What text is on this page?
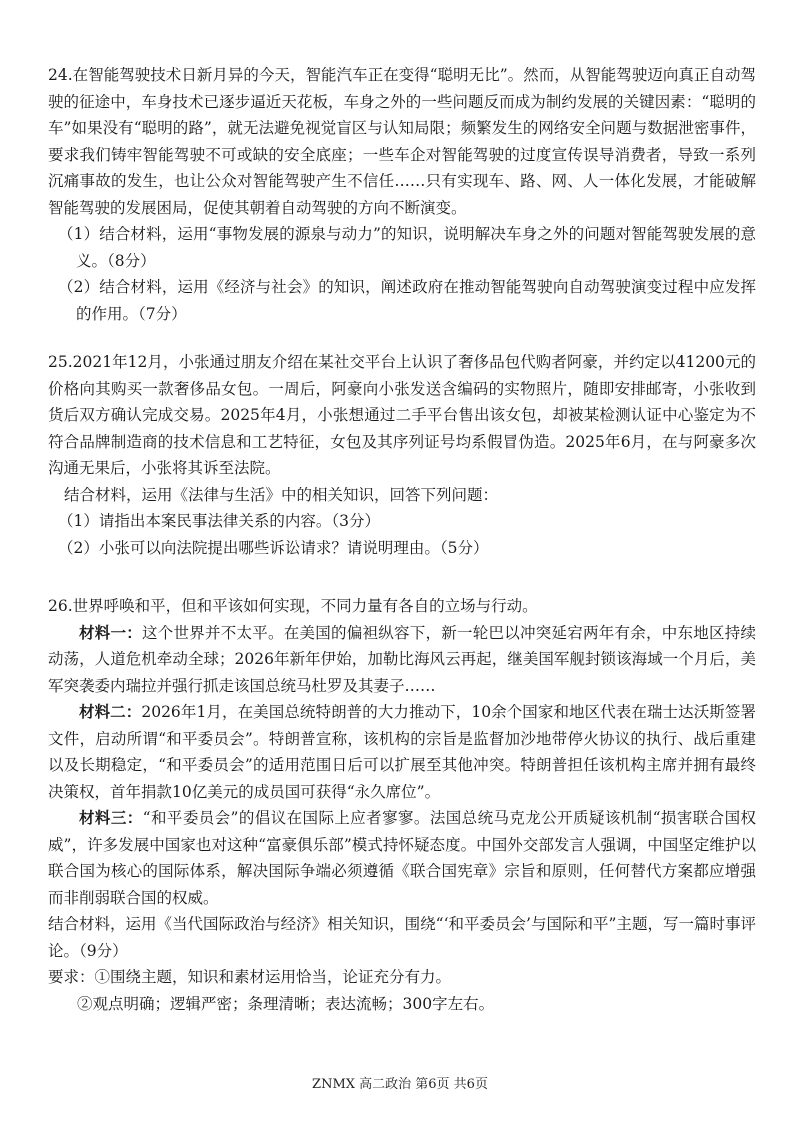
24.在智能驾驶技术日新月异的今天，智能汽车正在变得“聪明无比”。然而，从智能驾驶迈向真正自动驾驶的征途中，车身技术已逐步逼近天花板，车身之外的一些问题反而成为制约发展的关键因素：“聪明的车”如果没有“聪明的路”，就无法避免视觉盲区与认知局限；频繁发生的网络安全问题与数据泄密事件，要求我们铸牢智能驾驶不可或缺的安全底座；一些车企对智能驾驶的过度宣传误导消费者，导致一系列沉痛事故的发生，也让公众对智能驾驶产生不信任……只有实现车、路、网、人一体化发展，才能破解智能驾驶的发展困局，促使其朝着自动驾驶的方向不断演变。

（1）结合材料，运用“事物发展的源泉与动力”的知识，说明解决车身之外的问题对智能驾驶发展的意义。（8分）

（2）结合材料，运用《经济与社会》的知识，阐述政府在推动智能驾驶向自动驾驶演变过程中应发挥的作用。（7分）

25.2021年12月，小张通过朋友介绍在某社交平台上认识了奢侈品包代购者阿豪，并约定以41200元的价格向其购买一款奢侈品女包。一周后，阿豪向小张发送含编码的实物照片，随即安排邮寄，小张收到货后双方确认完成交易。2025年4月，小张想通过二手平台售出该女包，却被某检测认证中心鉴定为不符合品牌制造商的技术信息和工艺特征，女包及其序列证号均系假冒伪造。2025年6月，在与阿豪多次沟通无果后，小张将其诉至法院。

结合材料，运用《法律与生活》中的相关知识，回答下列问题：

（1）请指出本案民事法律关系的内容。（3分）

（2）小张可以向法院提出哪些诉讼请求？请说明理由。（5分）

26.世界呼唤和平，但和平该如何实现，不同力量有各自的立场与行动。

材料一：这个世界并不太平。在美国的偏袒纵容下，新一轮巴以冲突延宕两年有余，中东地区持续动荡，人道危机牵动全球；2026年新年伊始，加勒比海风云再起，继美国军舰封锁该海域一个月后，美军突袭委内瑞拉并强行抓走该国总统马杜罗及其妻子……

材料二：2026年1月，在美国总统特朗普的大力推动下，10余个国家和地区代表在瑞士达沃斯签署文件，启动所谓“和平委员会”。特朗普宣称，该机构的宗旨是监督加沙地带停火协议的执行、战后重建以及长期稳定，“和平委员会”的适用范围日后可以扩展至其他冲突。特朗普担任该机构主席并拥有最终决策权，首年捐款10亿美元的成员国可获得“永久席位”。

材料三：“和平委员会”的倡议在国际上应者寥寥。法国总统马克龙公开质疑该机制“损害联合国权威”，许多发展中国家也对这种“富豪俱乐部”模式持怀疑态度。中国外交部发言人强调，中国坚定维护以联合国为核心的国际体系，解决国际争端必须遵循《联合国宪章》宗旨和原则，任何替代方案都应增强而非削弱联合国的权威。

结合材料，运用《当代国际政治与经济》相关知识，围绕“‘和平委员会’与国际和平”主题，写一篇时事评论。（9分）

要求：①围绕主题，知识和素材运用恰当，论证充分有力。

②观点明确；逻辑严密；条理清晰；表达流畅；300字左右。

ZNMX 高二政治 第6页 共6页
